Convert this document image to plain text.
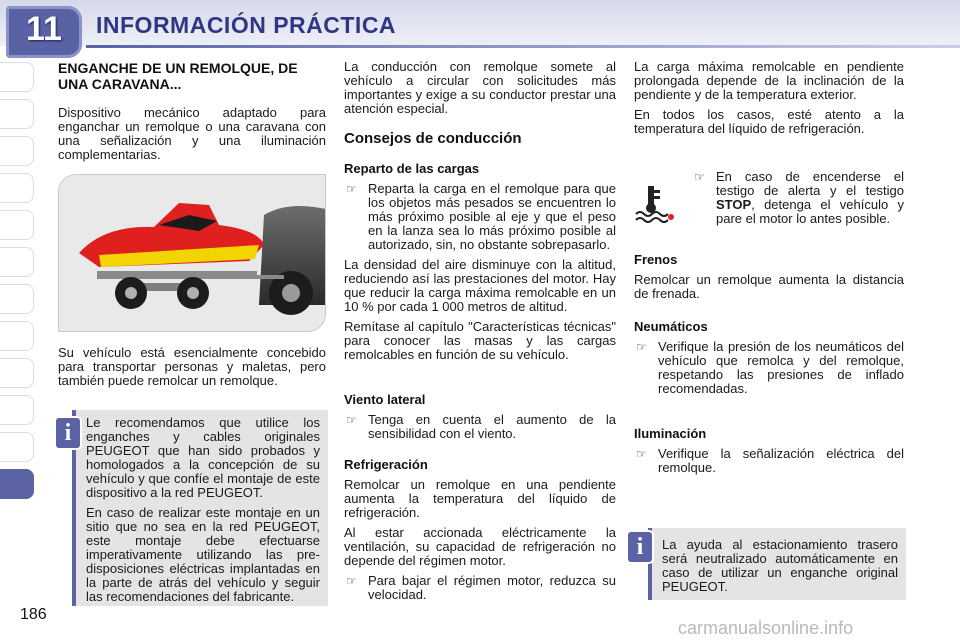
11	INFORMACIÓN PRÁCTICA
ENGANCHE DE UN REMOLQUE, DE UNA CARAVANA...

Dispositivo mecánico adaptado para enganchar un remolque o una caravana con una señalización y una iluminación complementarias.

Su vehículo está esencialmente concebido para transportar personas y maletas, pero también puede remolcar un remolque.

Le recomendamos que utilice los enganches y cables originales PEUGEOT que han sido probados y homologados a la concepción de su vehículo y que confíe el montaje de este dispositivo a la red PEUGEOT.

En caso de realizar este montaje en un sitio que no sea en la red PEUGEOT, este montaje debe efectuarse imperativamente utilizando las pre-disposiciones eléctricas implantadas en la parte de atrás del vehículo y seguir las recomendaciones del fabricante.

i

La conducción con remolque somete al vehículo a circular con solicitudes más importantes y exige a su conductor prestar una atención especial.

Consejos de conducción
Reparto de las cargas
☞ Reparta la carga en el remolque para que los objetos más pesados se encuentren lo más próximo posible al eje y que el peso en la lanza sea lo más próximo posible al autorizado, sin, no obstante sobrepasarlo.

La densidad del aire disminuye con la altitud, reduciendo así las prestaciones del motor. Hay que reducir la carga máxima remolcable en un 10 % por cada 1 000 metros de altitud.

Remítase al capítulo "Características técnicas" para conocer las masas y las cargas remolcables en función de su vehículo.

Viento lateral
☞ Tenga en cuenta el aumento de la sensibilidad con el viento.
Refrigeración

Remolcar un remolque en una pendiente aumenta la temperatura del líquido de refrigeración.

Al estar accionada eléctricamente la ventilación, su capacidad de refrigeración no depende del régimen motor.

☞ Para bajar el régimen motor, reduzca su velocidad.

La carga máxima remolcable en pendiente prolongada depende de la inclinación de la pendiente y de la temperatura exterior.

En todos los casos, esté atento a la temperatura del líquido de refrigeración.

☞ En caso de encenderse el testigo de alerta y el testigo STOP, detenga el vehículo y pare el motor lo antes posible.
Frenos

Remolcar un remolque aumenta la distancia de frenada.

Neumáticos
☞ Verifique la presión de los neumáticos del vehículo que remolca y del remolque, respetando las presiones de inflado recomendadas.
Iluminación
☞ Verifique la señalización eléctrica del remolque.

La ayuda al estacionamiento trasero será neutralizado automáticamente en caso de utilizar un enganche original PEUGEOT.

i
186
carmanualsonline.info
